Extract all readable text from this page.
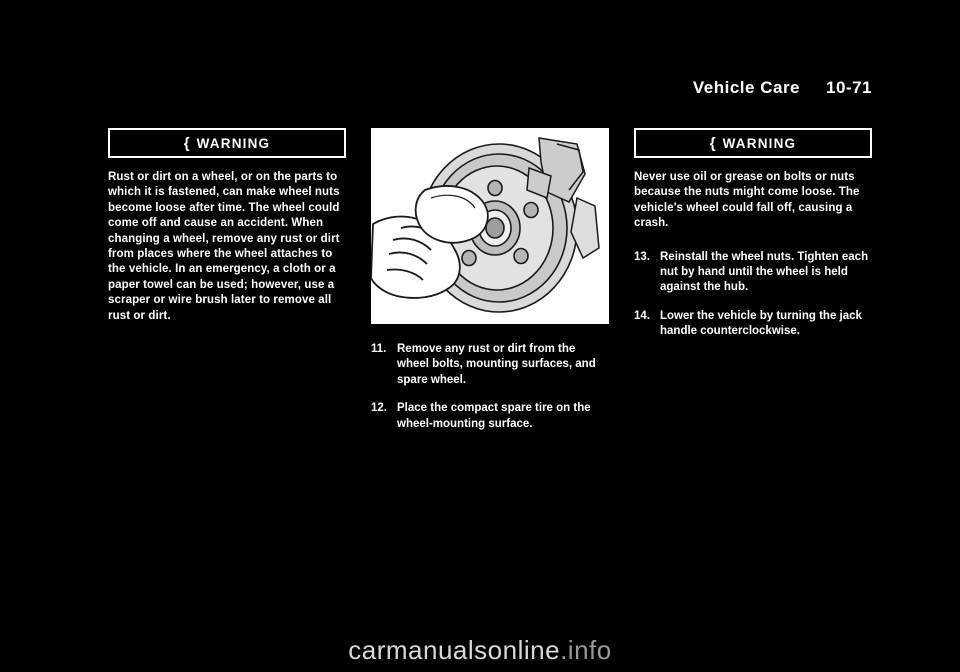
Vehicle Care 10-71
{ WARNING
Rust or dirt on a wheel, or on the parts to which it is fastened, can make wheel nuts become loose after time. The wheel could come off and cause an accident. When changing a wheel, remove any rust or dirt from places where the wheel attaches to the vehicle. In an emergency, a cloth or a paper towel can be used; however, use a scraper or wire brush later to remove all rust or dirt.
11. Remove any rust or dirt from the wheel bolts, mounting surfaces, and spare wheel.
12. Place the compact spare tire on the wheel-mounting surface.
{ WARNING
Never use oil or grease on bolts or nuts because the nuts might come loose. The vehicle's wheel could fall off, causing a crash.
13. Reinstall the wheel nuts. Tighten each nut by hand until the wheel is held against the hub.
14. Lower the vehicle by turning the jack handle counterclockwise.
carmanualsonline.info
